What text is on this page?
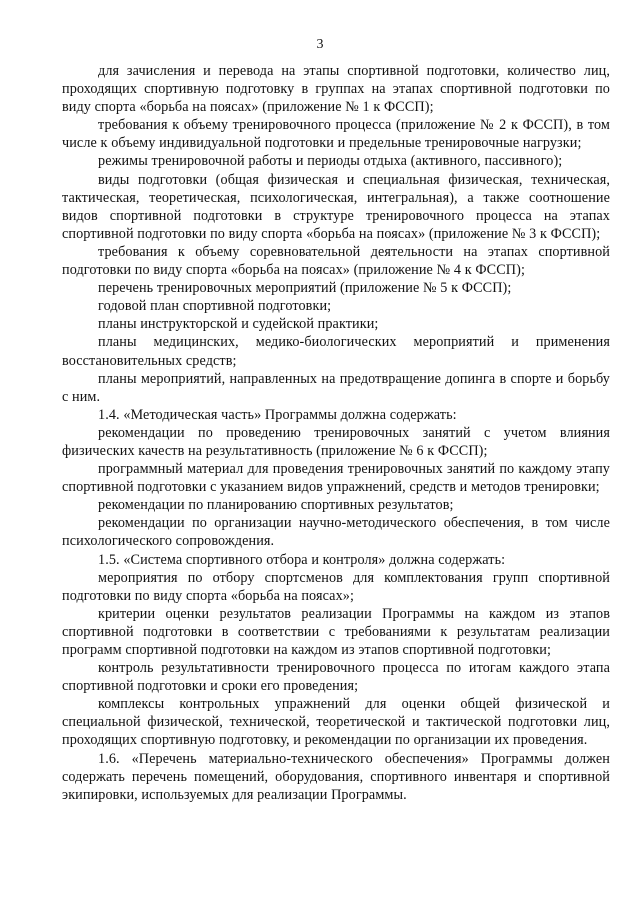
3

для зачисления и перевода на этапы спортивной подготовки, количество лиц, проходящих спортивную подготовку в группах на этапах спортивной подготовки по виду спорта «борьба на поясах» (приложение № 1 к ФССП);

требования к объему тренировочного процесса (приложение № 2 к ФССП), в том числе к объему индивидуальной подготовки и предельные тренировочные нагрузки;

режимы тренировочной работы и периоды отдыха (активного, пассивного);

виды подготовки (общая физическая и специальная физическая, техническая, тактическая, теоретическая, психологическая, интегральная), а также соотношение видов спортивной подготовки в структуре тренировочного процесса на этапах спортивной подготовки по виду спорта «борьба на поясах» (приложение № 3 к ФССП);

требования к объему соревновательной деятельности на этапах спортивной подготовки по виду спорта «борьба на поясах» (приложение № 4 к ФССП);

перечень тренировочных мероприятий (приложение № 5 к ФССП);

годовой план спортивной подготовки;

планы инструкторской и судейской практики;

планы медицинских, медико-биологических мероприятий и применения восстановительных средств;

планы мероприятий, направленных на предотвращение допинга в спорте и борьбу с ним.

1.4. «Методическая часть» Программы должна содержать:

рекомендации по проведению тренировочных занятий с учетом влияния физических качеств на результативность (приложение № 6 к ФССП);

программный материал для проведения тренировочных занятий по каждому этапу спортивной подготовки с указанием видов упражнений, средств и методов тренировки;

рекомендации по планированию спортивных результатов;

рекомендации по организации научно-методического обеспечения, в том числе психологического сопровождения.

1.5. «Система спортивного отбора и контроля» должна содержать:

мероприятия по отбору спортсменов для комплектования групп спортивной подготовки по виду спорта «борьба на поясах»;

критерии оценки результатов реализации Программы на каждом из этапов спортивной подготовки в соответствии с требованиями к результатам реализации программ спортивной подготовки на каждом из этапов спортивной подготовки;

контроль результативности тренировочного процесса по итогам каждого этапа спортивной подготовки и сроки его проведения;

комплексы контрольных упражнений для оценки общей физической и специальной физической, технической, теоретической и тактической подготовки лиц, проходящих спортивную подготовку, и рекомендации по организации их проведения.

1.6. «Перечень материально-технического обеспечения» Программы должен содержать перечень помещений, оборудования, спортивного инвентаря и спортивной экипировки, используемых для реализации Программы.
